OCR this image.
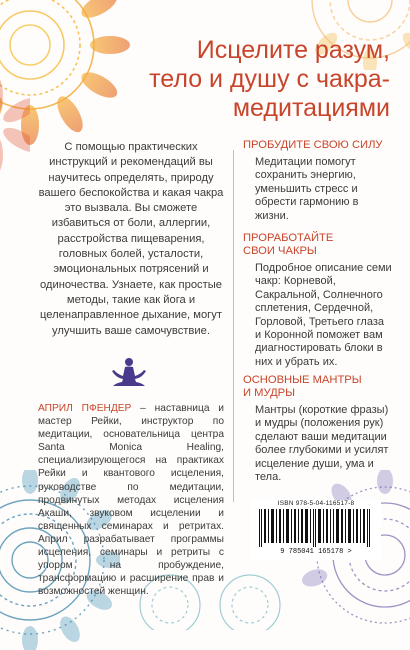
Исцелите разум,
тело и душу с чакра-
медитациями
С помощью практических инструкций и рекомендаций вы научитесь определять, природу вашего беспокойства и какая чакра это вызвала. Вы сможете избавиться от боли, аллергии, расстройства пищеварения, головных болей, усталости, эмоциональных потрясений и одиночества. Узнаете, как простые методы, такие как йога и целенаправленное дыхание, могут улучшить ваше самочувствие.
ПРОБУДИТЕ СВОЮ СИЛУ

Медитации помогут сохранить энергию, уменьшить стресс и обрести гармонию в жизни.

ПРОРАБОТАЙТЕ СВОИ ЧАКРЫ

Подробное описание семи чакр: Корневой, Сакральной, Солнечного сплетения, Сердечной, Горловой, Третьего глаза и Коронной поможет вам диагностировать блоки в них и убрать их.

ОСНОВНЫЕ МАНТРЫ И МУДРЫ

Мантры (короткие фразы) и мудры (положения рук) сделают ваши медитации более глубокими и усилят исцеление души, ума и тела.

АПРИЛ ПФЕНДЕР – наставница и мастер Рейки, инструктор по медитации, основательница центра Santa Monica Healing, специализирующегося на практиках Рейки и квантового исцеления, руководстве по медитации, продвинутых методах исцеления Акаши, звуковом исцелении и священных семинарах и ретритах. Април разрабатывает программы исцеления, семинары и ретриты с упором на пробуждение, трансформацию и расширение прав и возможностей женщин.
ISBN 978-5-04-116517-8
9 785041 165178 >
